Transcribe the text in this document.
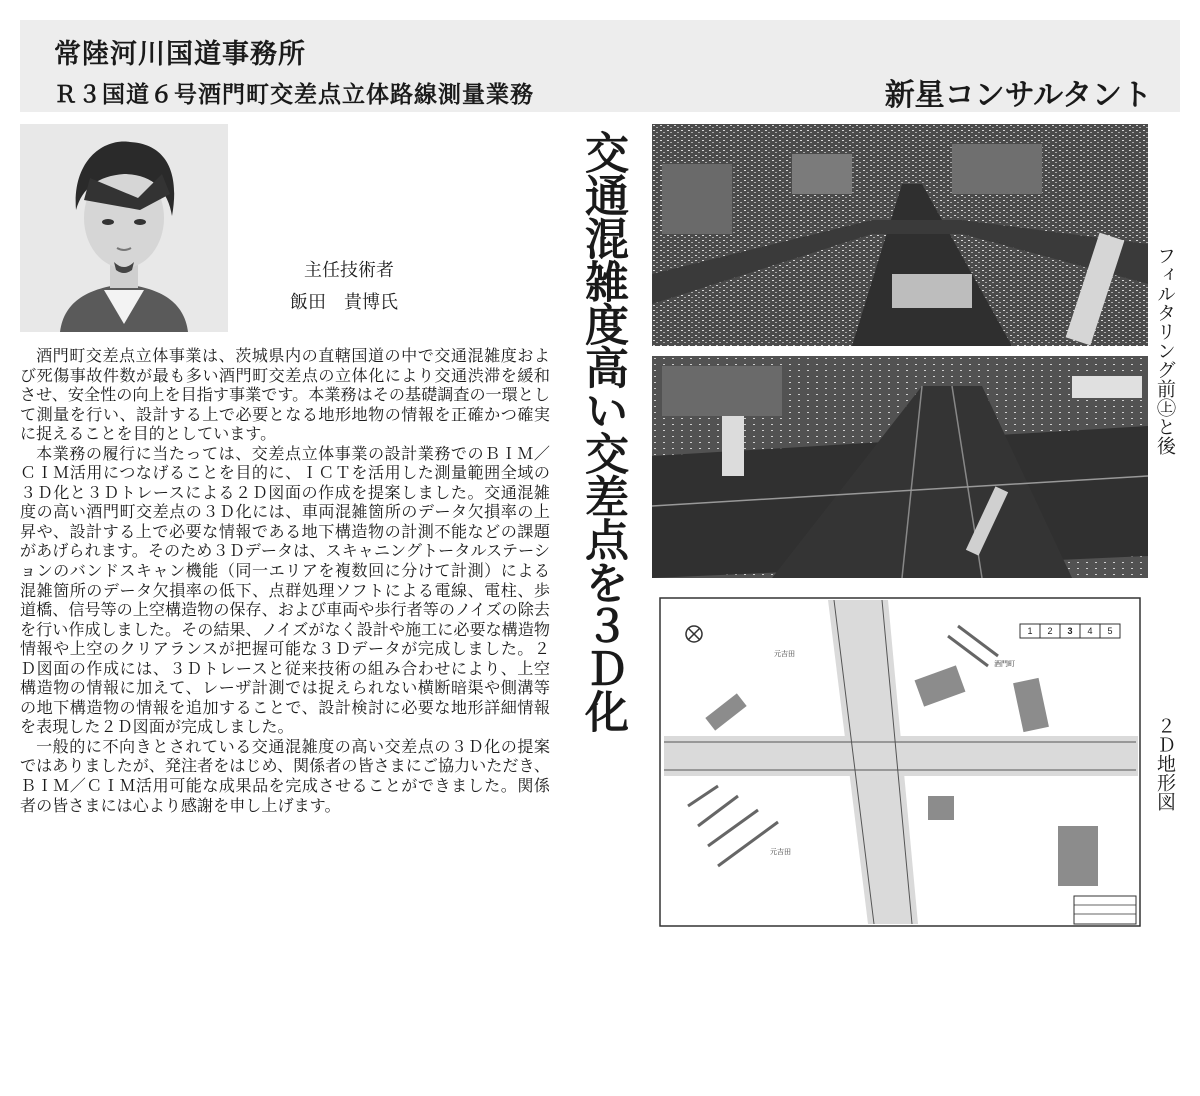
常陸河川国道事務所
Ｒ３国道６号酒門町交差点立体路線測量業務	新星コンサルタント
主任技術者
飯田　貴博氏

酒門町交差点立体事業は、茨城県内の直轄国道の中で交通混雑度および死傷事故件数が最も多い酒門町交差点の立体化により交通渋滞を緩和させ、安全性の向上を目指す事業です。本業務はその基礎調査の一環として測量を行い、設計する上で必要となる地形地物の情報を正確かつ確実に捉えることを目的としています。

本業務の履行に当たっては、交差点立体事業の設計業務でのＢＩＭ／ＣＩＭ活用につなげることを目的に、ＩＣＴを活用した測量範囲全域の３Ｄ化と３Ｄトレースによる２Ｄ図面の作成を提案しました。交通混雑度の高い酒門町交差点の３Ｄ化には、車両混雑箇所のデータ欠損率の上昇や、設計する上で必要な情報である地下構造物の計測不能などの課題があげられます。そのため３Ｄデータは、スキャニングトータルステーションのバンドスキャン機能（同一エリアを複数回に分けて計測）による混雑箇所のデータ欠損率の低下、点群処理ソフトによる電線、電柱、歩道橋、信号等の上空構造物の保存、および車両や歩行者等のノイズの除去を行い作成しました。その結果、ノイズがなく設計や施工に必要な構造物情報や上空のクリアランスが把握可能な３Ｄデータが完成しました。２Ｄ図面の作成には、３Ｄトレースと従来技術の組み合わせにより、上空構造物の情報に加えて、レーザ計測では捉えられない横断暗渠や側溝等の地下構造物の情報を追加することで、設計検討に必要な地形詳細情報を表現した２Ｄ図面が完成しました。

一般的に不向きとされている交通混雑度の高い交差点の３Ｄ化の提案ではありましたが、発注者をはじめ、関係者の皆さまにご協力いただき、ＢＩＭ／ＣＩＭ活用可能な成果品を完成させることができました。関係者の皆さまには心より感謝を申し上げます。

交通混雑度高い交差点を３Ｄ化	フィルタリング前㊤と後
1 2 3 4 5
酒門町
元吉田
元吉田
２Ｄ地形図
